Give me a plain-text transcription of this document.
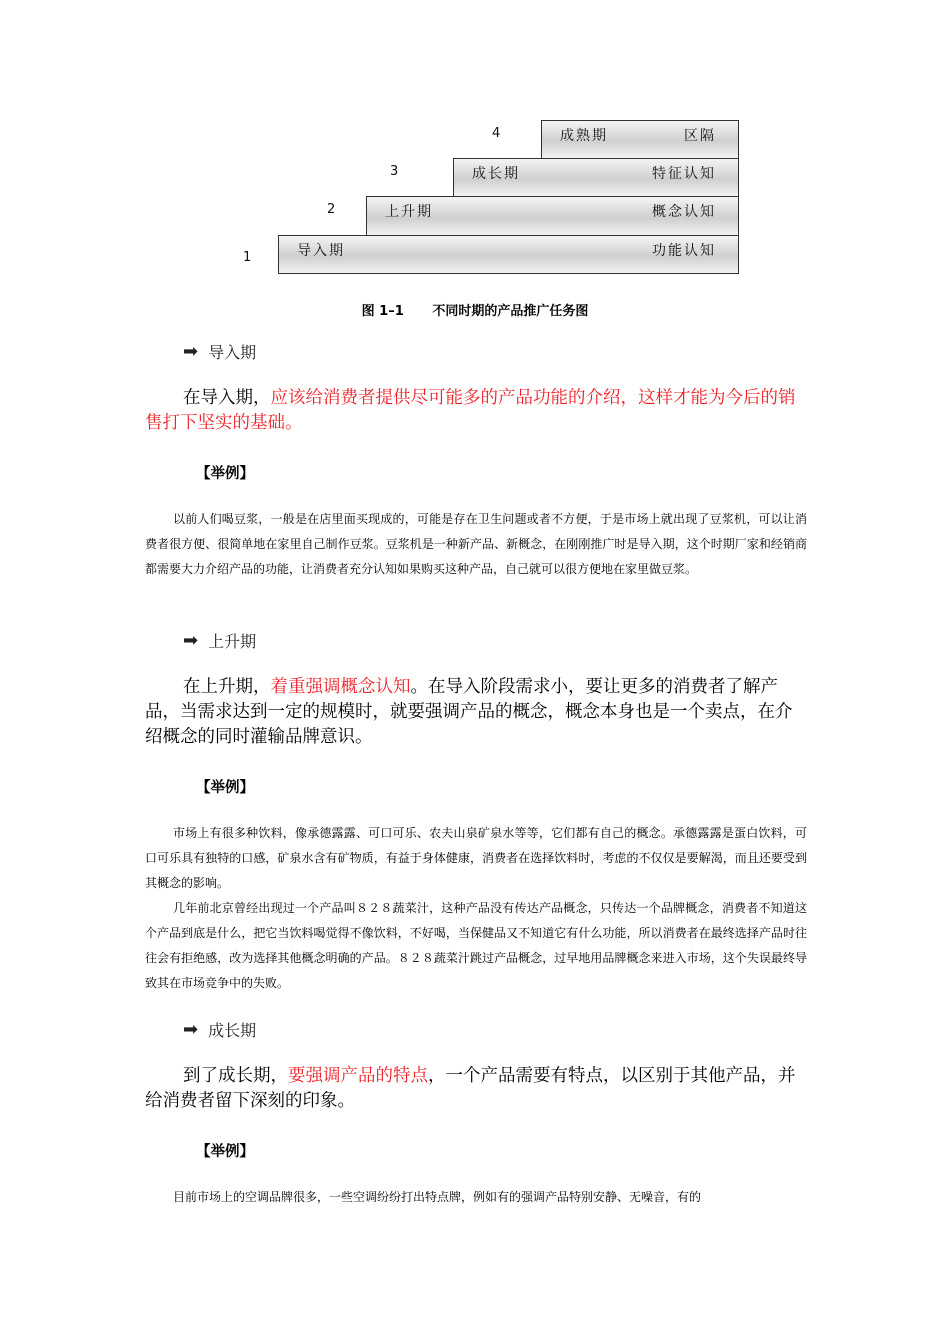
导入期	功能认知
上升期	概念认知
成长期	特征认知
成熟期	区隔
1
2
3
4
图 1–1 不同时期的产品推广任务图
➡ 导入期
在导入期，应该给消费者提供尽可能多的产品功能的介绍，这样才能为今后的销售打下坚实的基础。
【举例】

以前人们喝豆浆，一般是在店里面买现成的，可能是存在卫生问题或者不方便，于是市场上就出现了豆浆机，可以让消费者很方便、很简单地在家里自己制作豆浆。豆浆机是一种新产品、新概念，在刚刚推广时是导入期，这个时期厂家和经销商都需要大力介绍产品的功能，让消费者充分认知如果购买这种产品，自己就可以很方便地在家里做豆浆。

➡ 上升期
在上升期，着重强调概念认知。在导入阶段需求小，要让更多的消费者了解产品，当需求达到一定的规模时，就要强调产品的概念，概念本身也是一个卖点，在介绍概念的同时灌输品牌意识。
【举例】

市场上有很多种饮料，像承德露露、可口可乐、农夫山泉矿泉水等等，它们都有自己的概念。承德露露是蛋白饮料，可口可乐具有独特的口感，矿泉水含有矿物质，有益于身体健康，消费者在选择饮料时，考虑的不仅仅是要解渴，而且还要受到其概念的影响。

几年前北京曾经出现过一个产品叫８２８蔬菜汁，这种产品没有传达产品概念，只传达一个品牌概念，消费者不知道这个产品到底是什么，把它当饮料喝觉得不像饮料，不好喝，当保健品又不知道它有什么功能，所以消费者在最终选择产品时往往会有拒绝感，改为选择其他概念明确的产品。８２８蔬菜汁跳过产品概念，过早地用品牌概念来进入市场，这个失误最终导致其在市场竞争中的失败。

➡ 成长期
到了成长期，要强调产品的特点，一个产品需要有特点，以区别于其他产品，并给消费者留下深刻的印象。
【举例】

目前市场上的空调品牌很多，一些空调纷纷打出特点牌，例如有的强调产品特别安静、无噪音，有的
